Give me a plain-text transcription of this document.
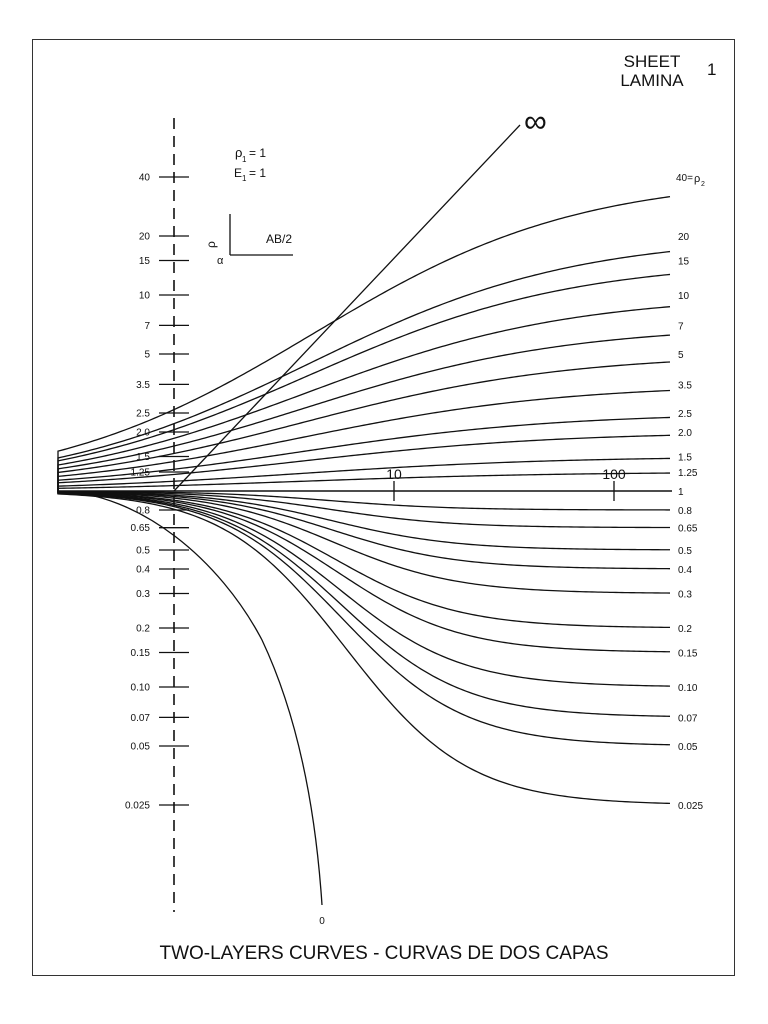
SHEET
LAMINA
1
40
20
15
10
7
5
3.5
2.5
2.0
1.5
1.25
0.8
0.65
0.5
0.4
0.3
0.2
0.15
0.10
0.07
0.05
0.025
10	100
40= ρ 2
20
15
10
7
5
3.5
2.5
2.0
1.5
1.25
1
0.8
0.65
0.5
0.4
0.3
0.2
0.15
0.10
0.07
0.05
0.025
∞
0
ρ 1 = 1
E 1 = 1
AB/2
ρ
α
TWO-LAYERS CURVES - CURVAS DE DOS CAPAS
